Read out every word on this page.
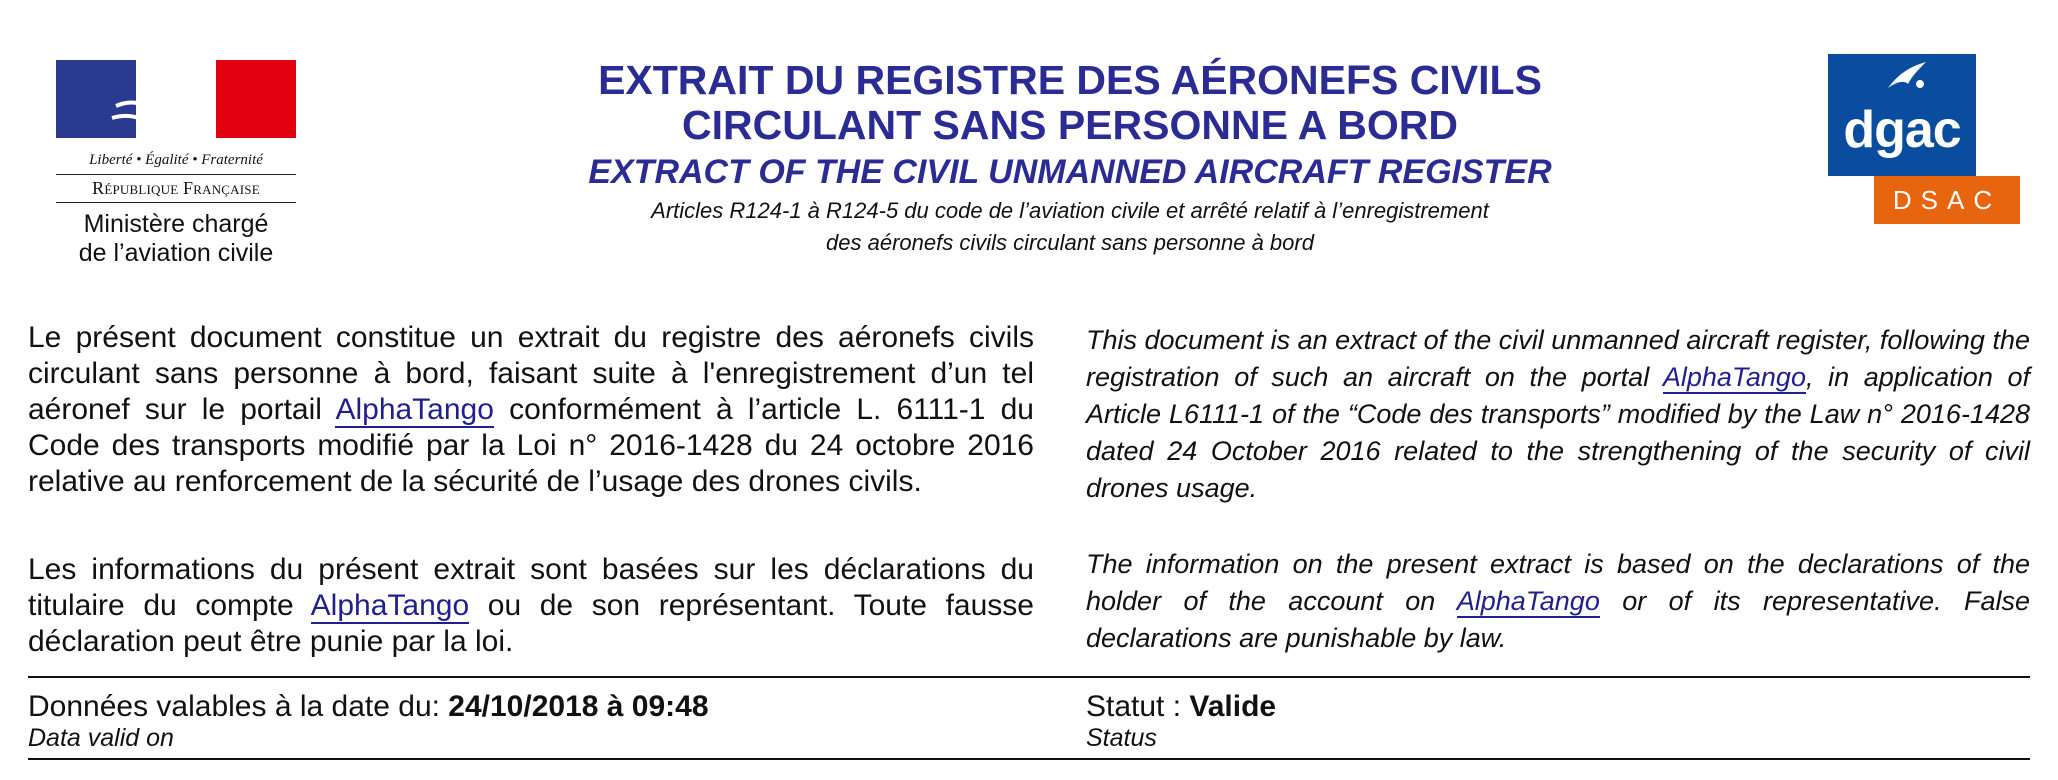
Liberté • Égalité • Fraternité
République Française
Ministère chargé
de l’aviation civile
EXTRAIT DU REGISTRE DES AÉRONEFS CIVILS
CIRCULANT SANS PERSONNE A BORD
EXTRACT OF THE CIVIL UNMANNED AIRCRAFT REGISTER
Articles R124-1 à R124-5 du code de l’aviation civile et arrêté relatif à l’enregistrement
des aéronefs civils circulant sans personne à bord
dgac
DSAC
Le présent document constitue un extrait du registre des aéronefs civils circulant sans personne à bord, faisant suite à l'enregistrement d’un tel aéronef sur le portail AlphaTango conformément à l’article L. 6111-1 du Code des transports modifié par la Loi n° 2016-1428 du 24 octobre 2016 relative au renforcement de la sécurité de l’usage des drones civils.
Les informations du présent extrait sont basées sur les déclarations du titulaire du compte AlphaTango ou de son représentant. Toute fausse déclaration peut être punie par la loi.
This document is an extract of the civil unmanned aircraft register, following the registration of such an aircraft on the portal AlphaTango, in application of Article L6111-1 of the “Code des transports” modified by the Law n° 2016-1428 dated 24 October 2016 related to the strengthening of the security of civil drones usage.
The information on the present extract is based on the declarations of the holder of the account on AlphaTango or of its representative. False declarations are punishable by law.
Données valables à la date du: 24/10/2018 à 09:48
Data valid on
Statut : Valide
Status
